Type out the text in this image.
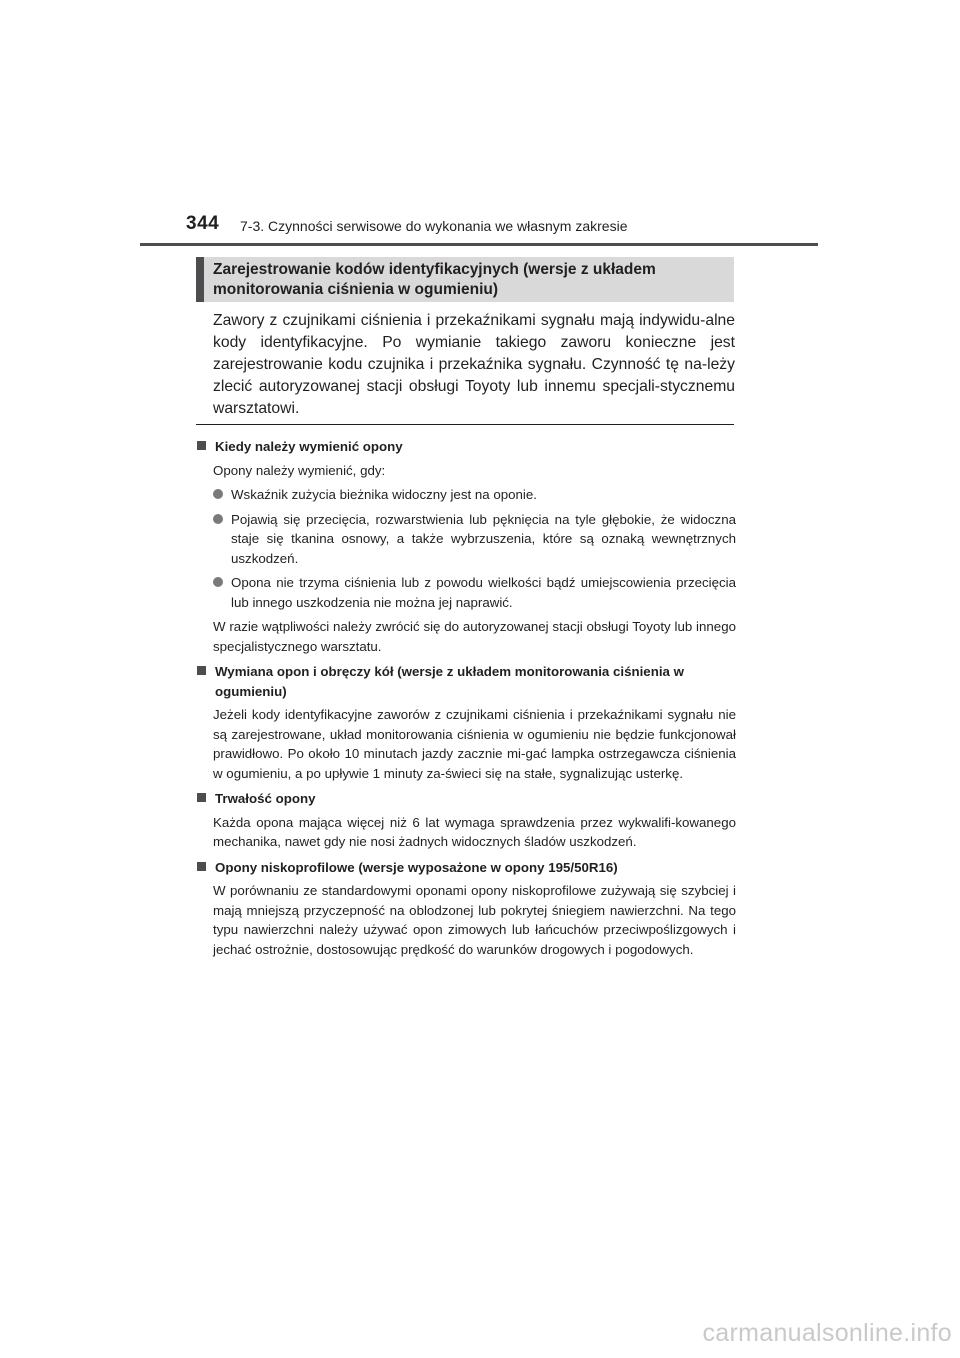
344 7-3. Czynności serwisowe do wykonania we własnym zakresie
Zarejestrowanie kodów identyfikacyjnych (wersje z układem monitorowania ciśnienia w ogumieniu)
Zawory z czujnikami ciśnienia i przekaźnikami sygnału mają indywidu-alne kody identyfikacyjne. Po wymianie takiego zaworu konieczne jest zarejestrowanie kodu czujnika i przekaźnika sygnału. Czynność tę na-leży zlecić autoryzowanej stacji obsługi Toyoty lub innemu specjali-stycznemu warsztatowi.
Kiedy należy wymienić opony
Opony należy wymienić, gdy:
Wskaźnik zużycia bieżnika widoczny jest na oponie.
Pojawią się przecięcia, rozwarstwienia lub pęknięcia na tyle głębokie, że widoczna staje się tkanina osnowy, a także wybrzuszenia, które są oznaką wewnętrznych uszkodzeń.
Opona nie trzyma ciśnienia lub z powodu wielkości bądź umiejscowienia przecięcia lub innego uszkodzenia nie można jej naprawić.
W razie wątpliwości należy zwrócić się do autoryzowanej stacji obsługi Toyoty lub innego specjalistycznego warsztatu.
Wymiana opon i obręczy kół (wersje z układem monitorowania ciśnienia w ogumieniu)
Jeżeli kody identyfikacyjne zaworów z czujnikami ciśnienia i przekaźnikami sygnału nie są zarejestrowane, układ monitorowania ciśnienia w ogumieniu nie będzie funkcjonował prawidłowo. Po około 10 minutach jazdy zacznie mi-gać lampka ostrzegawcza ciśnienia w ogumieniu, a po upływie 1 minuty za-świeci się na stałe, sygnalizując usterkę.
Trwałość opony
Każda opona mająca więcej niż 6 lat wymaga sprawdzenia przez wykwalifi-kowanego mechanika, nawet gdy nie nosi żadnych widocznych śladów uszkodzeń.
Opony niskoprofilowe (wersje wyposażone w opony 195/50R16)
W porównaniu ze standardowymi oponami opony niskoprofilowe zużywają się szybciej i mają mniejszą przyczepność na oblodzonej lub pokrytej śniegiem nawierzchni. Na tego typu nawierzchni należy używać opon zimowych lub łańcuchów przeciwpoślizgowych i jechać ostrożnie, dostosowując prędkość do warunków drogowych i pogodowych.
carmanualsonline.info
